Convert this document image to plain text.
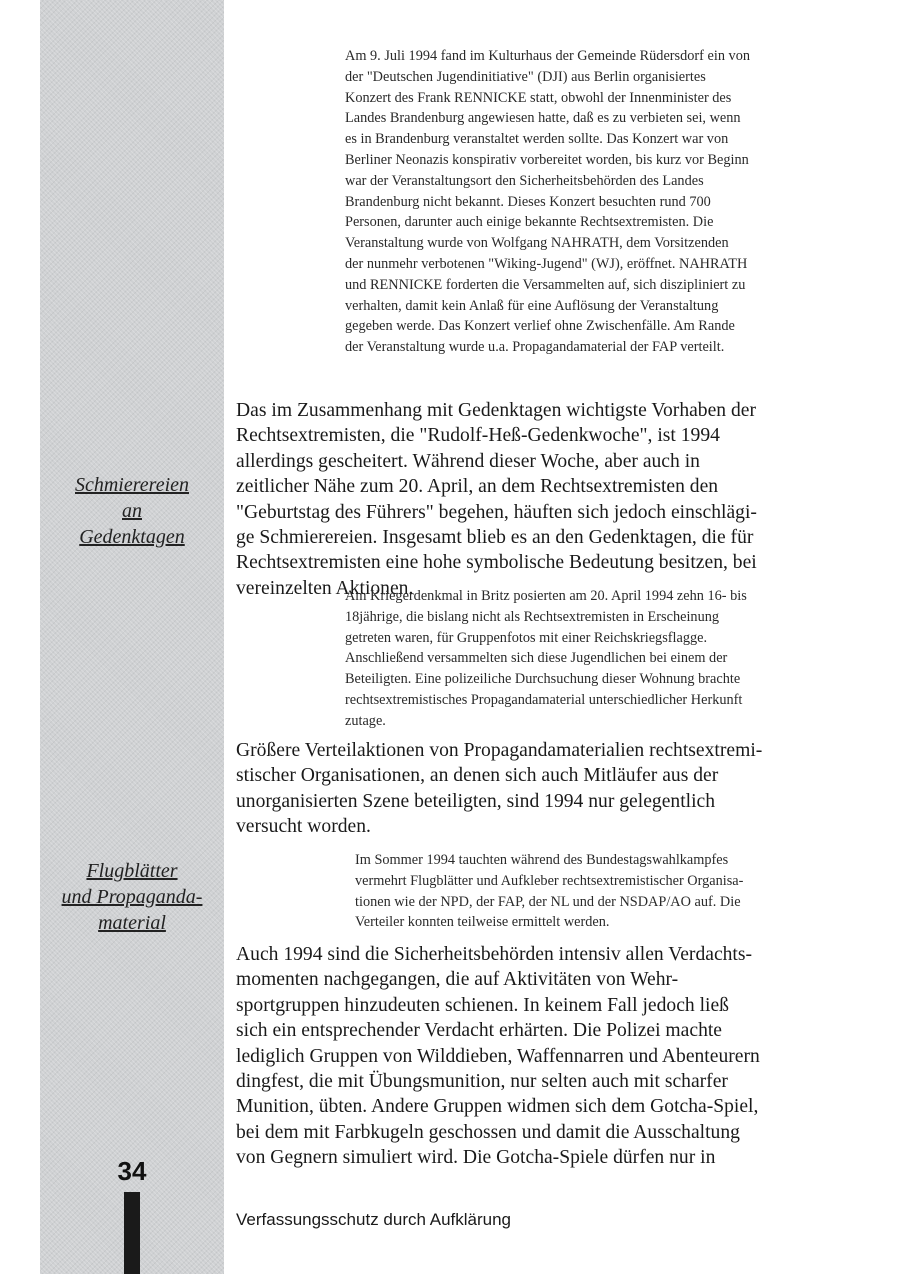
Schmierereien
an
Gedenktagen
Flugblätter
und Propaganda-
material
34
Am 9. Juli 1994 fand im Kulturhaus der Gemeinde Rüdersdorf ein von
der "Deutschen Jugendinitiative" (DJI) aus Berlin organisiertes
Konzert des Frank RENNICKE statt, obwohl der Innenminister des
Landes Brandenburg angewiesen hatte, daß es zu verbieten sei, wenn
es in Brandenburg veranstaltet werden sollte. Das Konzert war von
Berliner Neonazis konspirativ vorbereitet worden, bis kurz vor Beginn
war der Veranstaltungsort den Sicherheitsbehörden des Landes
Brandenburg nicht bekannt. Dieses Konzert besuchten rund 700
Personen, darunter auch einige bekannte Rechtsextremisten. Die
Veranstaltung wurde von Wolfgang NAHRATH, dem Vorsitzenden
der nunmehr verbotenen "Wiking-Jugend" (WJ), eröffnet. NAHRATH
und RENNICKE forderten die Versammelten auf, sich diszipliniert zu
verhalten, damit kein Anlaß für eine Auflösung der Veranstaltung
gegeben werde. Das Konzert verlief ohne Zwischenfälle. Am Rande
der Veranstaltung wurde u.a. Propagandamaterial der FAP verteilt.
Das im Zusammenhang mit Gedenktagen wichtigste Vorhaben der
Rechtsextremisten, die "Rudolf-Heß-Gedenkwoche", ist 1994
allerdings gescheitert. Während dieser Woche, aber auch in
zeitlicher Nähe zum 20. April, an dem Rechtsextremisten den
"Geburtstag des Führers" begehen, häuften sich jedoch einschlägi-
ge Schmierereien. Insgesamt blieb es an den Gedenktagen, die für
Rechtsextremisten eine hohe symbolische Bedeutung besitzen, bei
vereinzelten Aktionen.
Am Kriegerdenkmal in Britz posierten am 20. April 1994 zehn 16- bis
18jährige, die bislang nicht als Rechtsextremisten in Erscheinung
getreten waren, für Gruppenfotos mit einer Reichskriegsflagge.
Anschließend versammelten sich diese Jugendlichen bei einem der
Beteiligten. Eine polizeiliche Durchsuchung dieser Wohnung brachte
rechtsextremistisches Propagandamaterial unterschiedlicher Herkunft
zutage.
Größere Verteilaktionen von Propagandamaterialien rechtsextremi-
stischer Organisationen, an denen sich auch Mitläufer aus der
unorganisierten Szene beteiligten, sind 1994 nur gelegentlich
versucht worden.
Im Sommer 1994 tauchten während des Bundestagswahlkampfes
vermehrt Flugblätter und Aufkleber rechtsextremistischer Organisa-
tionen wie der NPD, der FAP, der NL und der NSDAP/AO auf. Die
Verteiler konnten teilweise ermittelt werden.
Auch 1994 sind die Sicherheitsbehörden intensiv allen Verdachts-
momenten nachgegangen, die auf Aktivitäten von Wehr-
sportgruppen hinzudeuten schienen. In keinem Fall jedoch ließ
sich ein entsprechender Verdacht erhärten. Die Polizei machte
lediglich Gruppen von Wilddieben, Waffennarren und Abenteurern
dingfest, die mit Übungsmunition, nur selten auch mit scharfer
Munition, übten. Andere Gruppen widmen sich dem Gotcha-Spiel,
bei dem mit Farbkugeln geschossen und damit die Ausschaltung
von Gegnern simuliert wird. Die Gotcha-Spiele dürfen nur in
Verfassungsschutz durch Aufklärung
